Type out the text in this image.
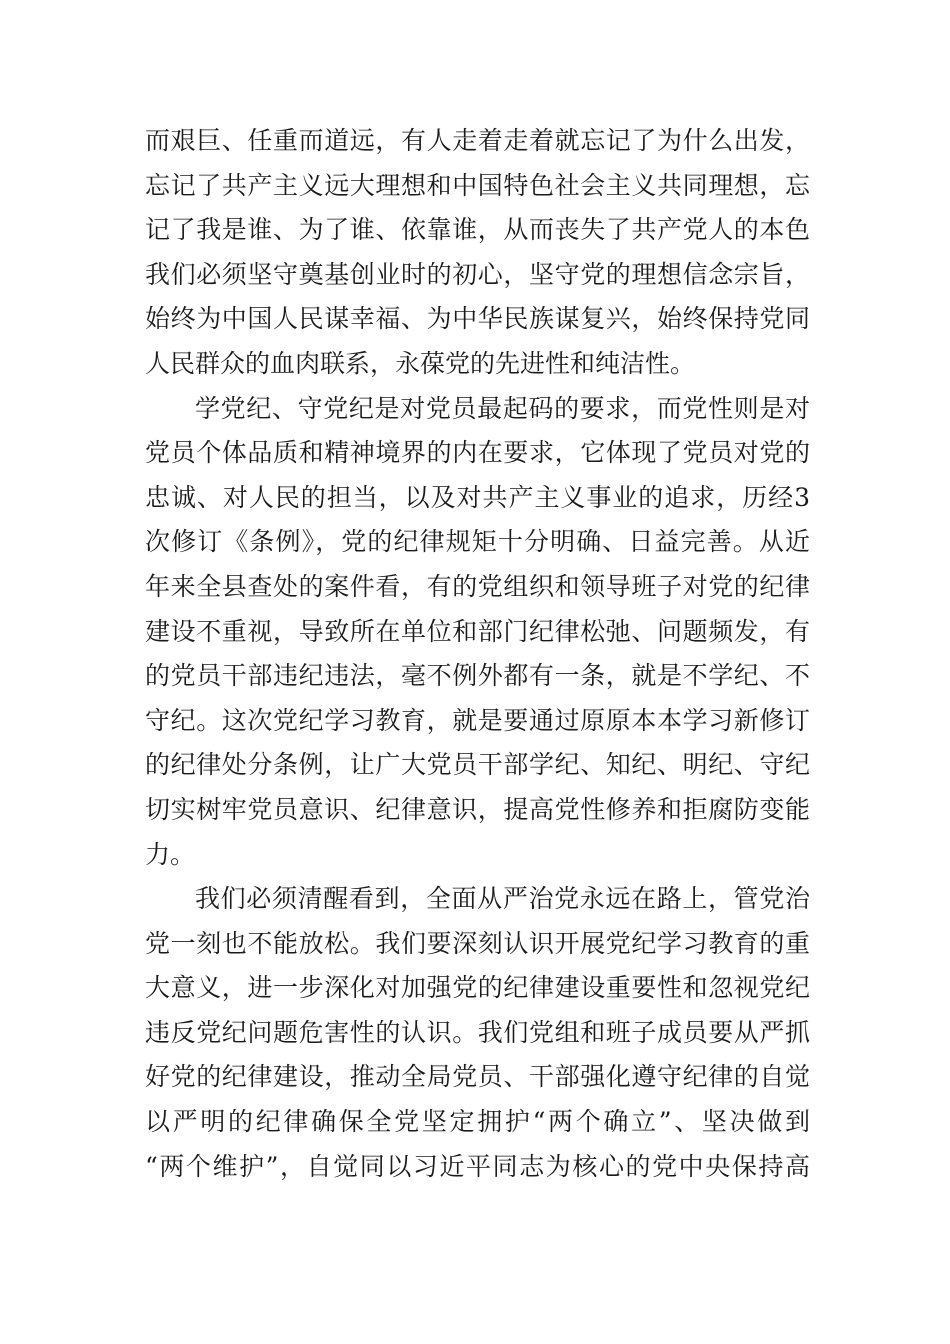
而艰巨、任重而道远，有人走着走着就忘记了为什么出发，
忘记了共产主义远大理想和中国特色社会主义共同理想，忘
记了我是谁、为了谁、依靠谁，从而丧失了共产党人的本色
我们必须坚守奠基创业时的初心，坚守党的理想信念宗旨，
始终为中国人民谋幸福、为中华民族谋复兴，始终保持党同
人民群众的血肉联系，永葆党的先进性和纯洁性。
学党纪、守党纪是对党员最起码的要求，而党性则是对
党员个体品质和精神境界的内在要求，它体现了党员对党的
忠诚、对人民的担当，以及对共产主义事业的追求，历经3
次修订《条例》，党的纪律规矩十分明确、日益完善。从近
年来全县查处的案件看，有的党组织和领导班子对党的纪律
建设不重视，导致所在单位和部门纪律松弛、问题频发，有
的党员干部违纪违法，毫不例外都有一条，就是不学纪、不
守纪。这次党纪学习教育，就是要通过原原本本学习新修订
的纪律处分条例，让广大党员干部学纪、知纪、明纪、守纪
切实树牢党员意识、纪律意识，提高党性修养和拒腐防变能
力。
我们必须清醒看到，全面从严治党永远在路上，管党治
党一刻也不能放松。我们要深刻认识开展党纪学习教育的重
大意义，进一步深化对加强党的纪律建设重要性和忽视党纪
违反党纪问题危害性的认识。我们党组和班子成员要从严抓
好党的纪律建设，推动全局党员、干部强化遵守纪律的自觉
以严明的纪律确保全党坚定拥护“两个确立”、坚决做到
“两个维护”，自觉同以习近平同志为核心的党中央保持高
